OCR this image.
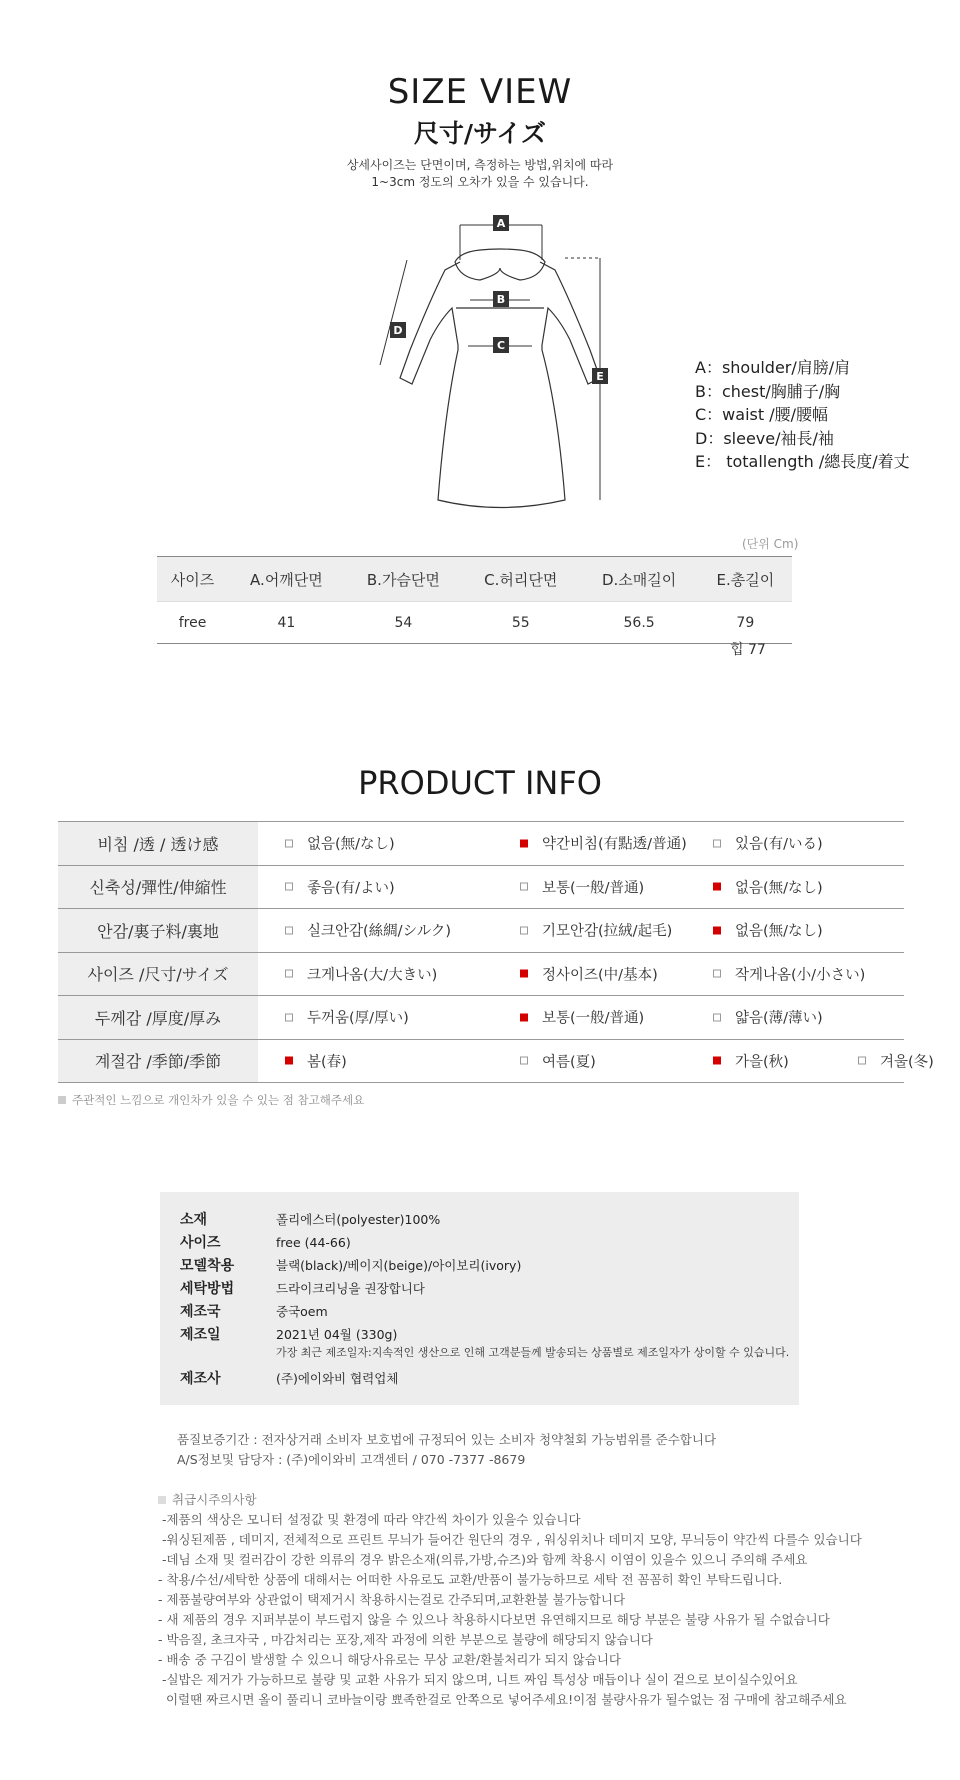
SIZE VIEW
尺寸/サイズ
상세사이즈는 단면이며, 측정하는 방법,위치에 따라
1~3cm 정도의 오차가 있을 수 있습니다.
A
B
C
D
E	A：shoulder/肩膀/肩
B：chest/胸脯子/胸
C：waist /腰/腰幅
D：sleeve/袖長/袖
E： totallength /總長度/着丈
(단위 Cm)
사이즈	A.어깨단면	B.가슴단면	C.허리단면	D.소매길이	E.총길이
free	41	54	55	56.5	79
힙 77
PRODUCT INFO
비침 /透 / 透け感	없음(無/なし) 약간비침(有點透/普通) 있음(有/いる)

신축성/彈性/伸縮性	좋음(有/よい) 보통(一般/普通) 없음(無/なし)

안감/裏子料/裏地	실크안감(絲綢/シルク) 기모안감(拉絨/起毛) 없음(無/なし)

사이즈 /尺寸/サイズ	크게나옴(大/大きい) 정사이즈(中/基本) 작게나옴(小/小さい)

두께감 /厚度/厚み	두꺼움(厚/厚い) 보통(一般/普通) 얇음(薄/薄い)

계절감 /季節/季節	봄(春) 여름(夏) 가을(秋) 겨울(冬)
주관적인 느낌으로 개인차가 있을 수 있는 점 참고해주세요
소재	폴리에스터(polyester)100%
사이즈	free (44-66)
모델착용	블랙(black)/베이지(beige)/아이보리(ivory)
세탁방법	드라이크리닝을 권장합니다
제조국	중국oem
제조일	2021년 04월 (330g)
가장 최근 제조일자:지속적인 생산으로 인해 고객분들께 발송되는 상품별로 제조일자가 상이할 수 있습니다.
제조사	(주)에이와비 협력업체
품질보증기간 : 전자상거래 소비자 보호법에 규정되어 있는 소비자 청약철회 가능범위를 준수합니다
A/S정보및 담당자 : (주)에이와비 고객센터 / 070 -7377 -8679
취급시주의사항
-제품의 색상은 모니터 설정값 및 환경에 따라 약간씩 차이가 있을수 있습니다
-워싱된제품 , 데미지, 전체적으로 프린트 무늬가 들어간 원단의 경우 , 워싱위치나 데미지 모양, 무늬등이 약간씩 다를수 있습니다
-데님 소재 및 컬러감이 강한 의류의 경우 밝은소재(의류,가방,슈즈)와 함께 착용시 이염이 있을수 있으니 주의해 주세요
- 착용/수선/세탁한 상품에 대해서는 어떠한 사유로도 교환/반품이 불가능하므로 세탁 전 꼼꼼히 확인 부탁드립니다.
- 제품불량여부와 상관없이 택제거시 착용하시는걸로 간주되며,교환환불 불가능합니다
- 새 제품의 경우 지퍼부분이 부드럽지 않을 수 있으나 착용하시다보면 유연해지므로 해당 부분은 불량 사유가 될 수없습니다
- 박음질, 초크자국 , 마감처리는 포장,제작 과정에 의한 부분으로 불량에 해당되지 않습니다
- 배송 중 구김이 발생할 수 있으니 해당사유로는 무상 교환/환불처리가 되지 않습니다
-실밥은 제거가 가능하므로 불량 및 교환 사유가 되지 않으며, 니트 짜임 특성상 매듭이나 실이 겉으로 보이실수있어요
이럴땐 짜르시면 올이 풀리니 코바늘이랑 뾰족한걸로 안쪽으로 넣어주세요!이점 불량사유가 될수없는 점 구매에 참고해주세요
